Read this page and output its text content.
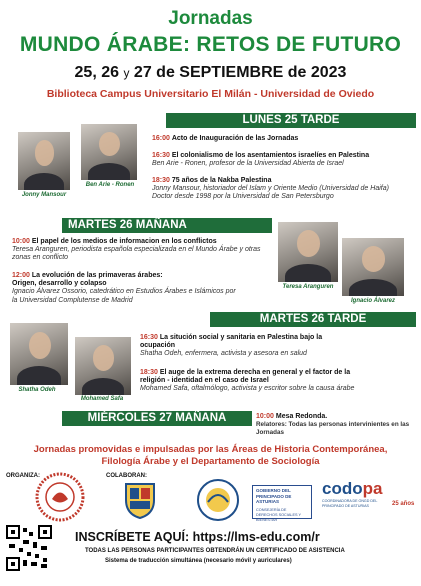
Jornadas
MUNDO ÁRABE: RETOS DE FUTURO
25, 26 y 27 de SEPTIEMBRE de 2023
Biblioteca Campus Universitario El Milán - Universidad de Oviedo
LUNES 25 TARDE
Jonny Mansour
Ben Arie - Ronen
16:00 Acto de Inauguración de las Jornadas
16:30 El colonialismo de los asentamientos israelíes en Palestina
Ben Arie - Ronen, profesor de la Universidad Abierta de Israel
18:30 75 años de la Nakba Palestina
Jonny Mansour, historiador del Islam y Oriente Medio (Universidad de Haifa)
Doctor desde 1998 por la Universidad de San Petersburgo
MARTES 26 MAÑANA
10:00 El papel de los medios de informacion en los conflictos
Teresa Aranguren, periodista española especializada en el Mundo Árabe y otras
zonas en conflicto
12:00 La evolución de las primaveras árabes:
Origen, desarrollo y colapso
Ignacio Álvarez Ossorio, catedrático en Estudios Árabes e Islámicos por
la Universidad Complutense de Madrid
Teresa Aranguren
Ignacio Álvarez
MARTES 26 TARDE
Shatha Odeh
Mohamed Safa
16:30 La situción social y sanitaria en Palestina bajo la
ocupación
Shatha Odeh, enfermera, activista y asesora en salud
18:30 El auge de la extrema derecha en general y el factor de la
religión - identidad en el caso de Israel
Mohamed Safa, oftalmólogo, activista y escritor sobre la causa árabe
MIÉRCOLES 27 MAÑANA	10:00 Mesa Redonda.
Relatores: Todas las personas intervinientes en las Jornadas
Jornadas promovidas e impulsadas por las Áreas de Historia Contemporánea,
Filología Árabe y el Departamento de Sociología
ORGANIZA:	COLABORAN:
GOBIERNO DEL PRINCIPADO DE ASTURIAS
CONSEJERÍA DE DERECHOS SOCIALES Y BIENESTAR
codopa
COORDINADORA DE ONGD DEL PRINCIPADO DE ASTURIAS	25 años
INSCRÍBETE AQUÍ: https://lms-edu.com/r
TODAS LAS PERSONAS PARTICIPANTES OBTENDRÁN UN CERTIFICADO DE ASISTENCIA
Sistema de traducción simultánea (necesario móvil y auriculares)
